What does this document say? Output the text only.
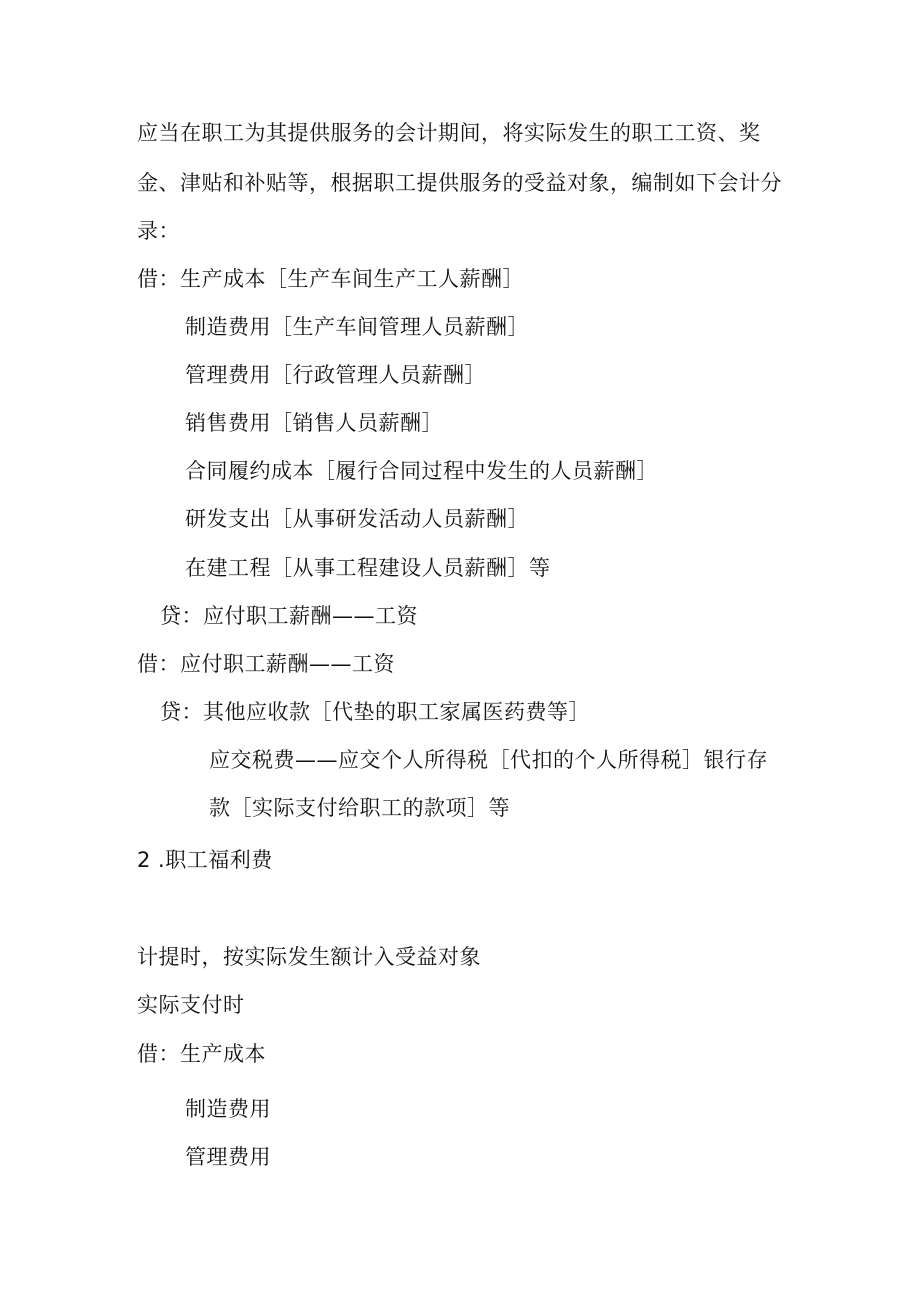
应当在职工为其提供服务的会计期间，将实际发生的职工工资、奖
金、津贴和补贴等，根据职工提供服务的受益对象，编制如下会计分
录：
借：生产成本［生产车间生产工人薪酬］
制造费用［生产车间管理人员薪酬］
管理费用［行政管理人员薪酬］
销售费用［销售人员薪酬］
合同履约成本［履行合同过程中发生的人员薪酬］
研发支出［从事研发活动人员薪酬］
在建工程［从事工程建设人员薪酬］等
贷：应付职工薪酬——工资
借：应付职工薪酬——工资
贷：其他应收款［代垫的职工家属医药费等］
应交税费——应交个人所得税［代扣的个人所得税］银行存
款［实际支付给职工的款项］等
2 .职工福利费
计提时，按实际发生额计入受益对象
实际支付时
借：生产成本
制造费用
管理费用
